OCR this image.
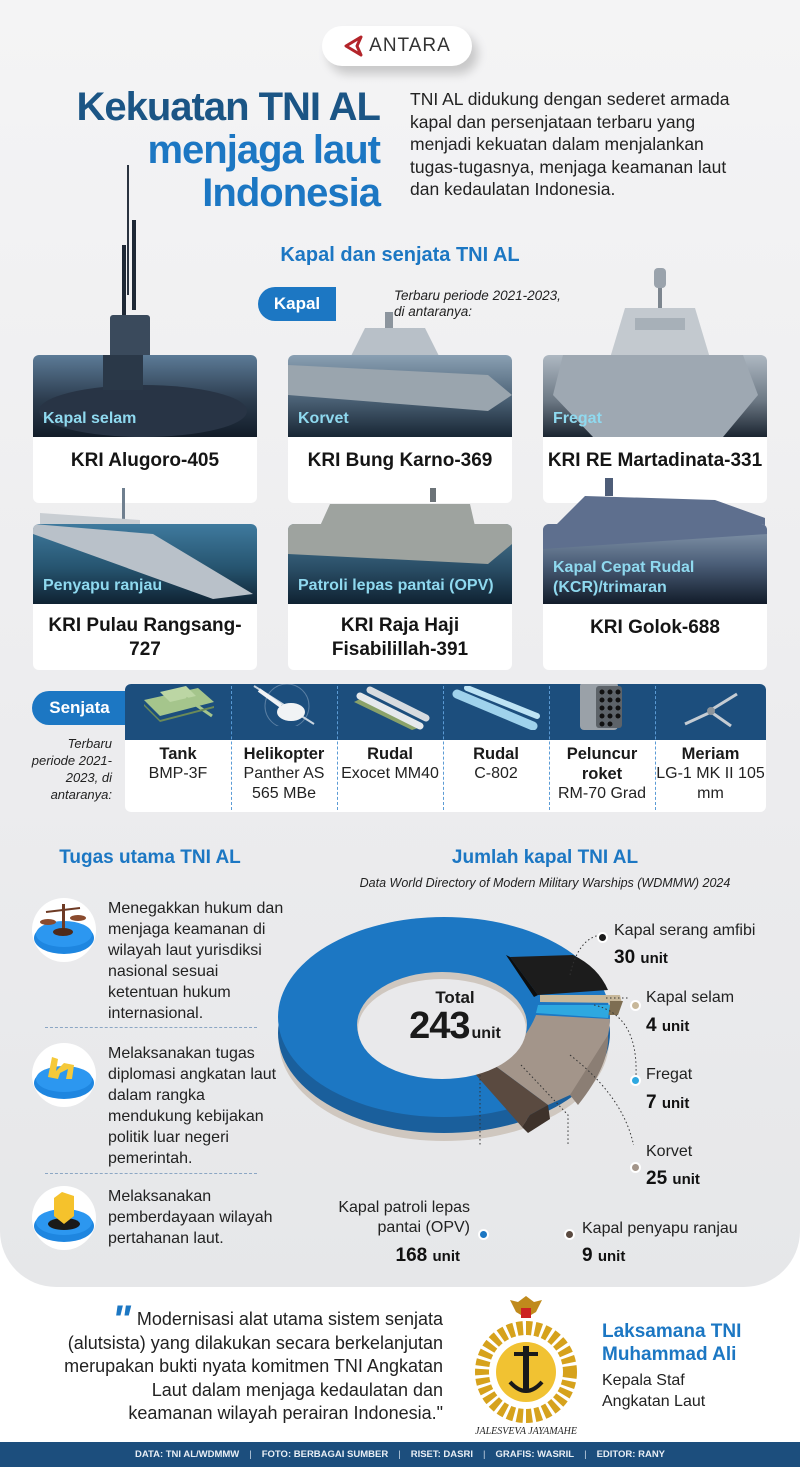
ANTARA
Kekuatan TNI AL
menjaga laut
Indonesia
TNI AL didukung dengan sederet armada kapal dan persenjataan terbaru yang menjadi kekuatan dalam menjalankan tugas-tugasnya, menjaga keamanan laut dan kedaulatan Indonesia.
Kapal dan senjata TNI AL
Kapal	Terbaru periode 2021-2023, di antaranya:
Kapal selam
KRI Alugoro-405
Korvet
KRI Bung Karno-369
Fregat
KRI RE Martadinata-331
Penyapu ranjau
KRI Pulau Rangsang-727
Patroli lepas pantai (OPV)
KRI Raja Haji Fisabilillah-391
Kapal Cepat Rudal (KCR)/trimaran
KRI Golok-688
Senjata
Terbaru periode 2021-2023, di antaranya:
Tank
BMP-3F
Helikopter
Panther AS 565 MBe
Rudal
Exocet MM40
Rudal
C-802
Peluncur roket
RM-70 Grad
Meriam
LG-1 MK II 105 mm
Tugas utama TNI AL
Menegakkan hukum dan menjaga keamanan di wilayah laut yurisdiksi nasional sesuai ketentuan hukum internasional.
Melaksanakan tugas diplomasi angkatan laut dalam rangka mendukung kebijakan politik luar negeri pemerintah.
Melaksanakan pemberdayaan wilayah pertahanan laut.
Jumlah kapal TNI AL
Data World Directory of Modern Military Warships (WDMMW) 2024
Total
243 unit
Kapal serang amfibi
30 unit
Kapal selam
4 unit
Fregat
7 unit
Korvet
25 unit
Kapal penyapu ranjau
9 unit
Kapal patroli lepas pantai (OPV)
168 unit
" Modernisasi alat utama sistem senjata (alutsista) yang dilakukan secara berkelanjutan merupakan bukti nyata komitmen TNI Angkatan Laut dalam menjaga kedaulatan dan keamanan wilayah perairan Indonesia."
JALESVEVA JAYAMAHE
Laksamana TNI Muhammad Ali
Kepala Staf Angkatan Laut
DATA: TNI AL/WDMMW | FOTO: BERBAGAI SUMBER | RISET: DASRI | GRAFIS: WASRIL | EDITOR: RANY
